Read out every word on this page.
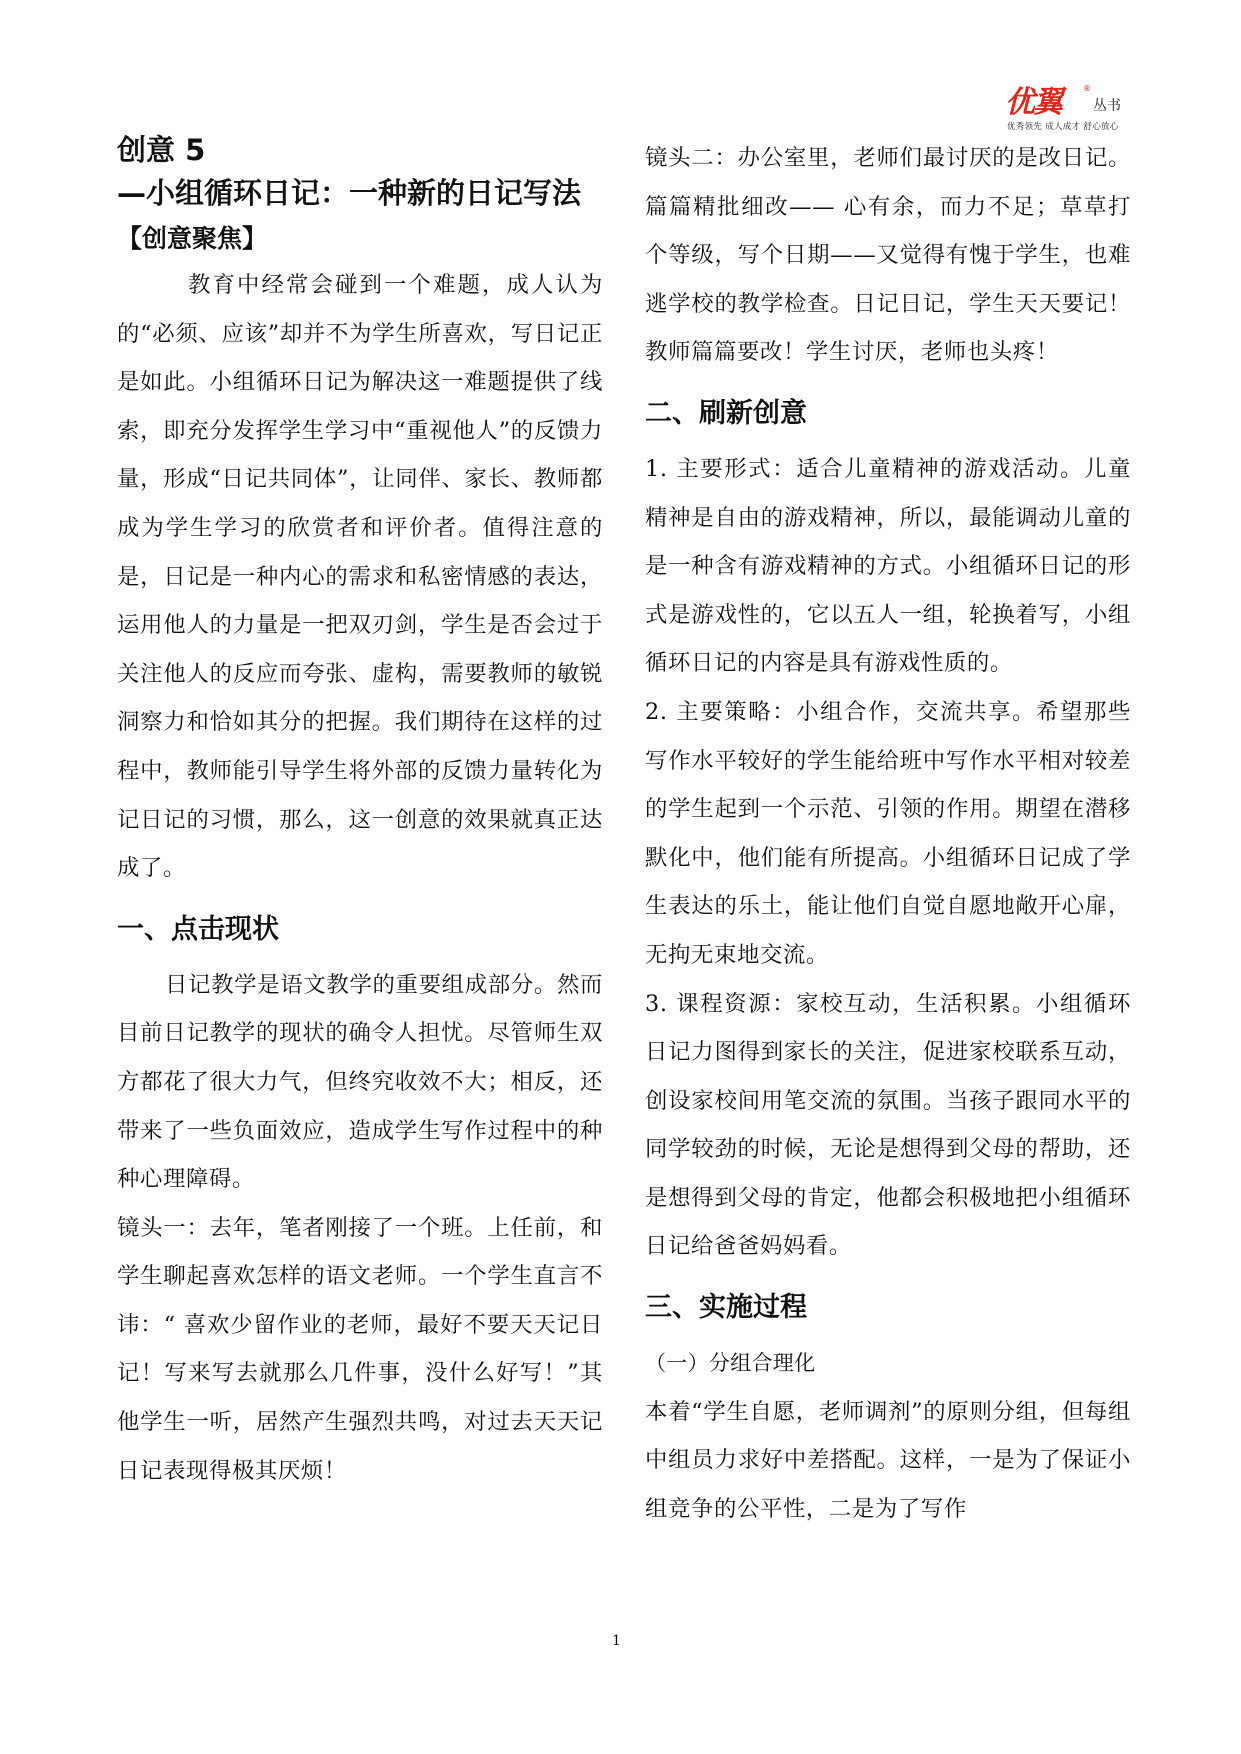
优翼	®
丛书
优秀领先 成人成才 舒心放心
创意 5
—小组循环日记：一种新的日记写法
【创意聚焦】

教育中经常会碰到一个难题，成人认为的“必须、应该”却并不为学生所喜欢，写日记正是如此。小组循环日记为解决这一难题提供了线索，即充分发挥学生学习中“重视他人”的反馈力量，形成“日记共同体”，让同伴、家长、教师都成为学生学习的欣赏者和评价者。值得注意的是，日记是一种内心的需求和私密情感的表达，运用他人的力量是一把双刃剑，学生是否会过于关注他人的反应而夸张、虚构，需要教师的敏锐洞察力和恰如其分的把握。我们期待在这样的过程中，教师能引导学生将外部的反馈力量转化为记日记的习惯，那么，这一创意的效果就真正达成了。

一、点击现状

日记教学是语文教学的重要组成部分。然而目前日记教学的现状的确令人担忧。尽管师生双方都花了很大力气，但终究收效不大；相反，还带来了一些负面效应，造成学生写作过程中的种种心理障碍。

镜头一：去年，笔者刚接了一个班。上任前，和学生聊起喜欢怎样的语文老师。一个学生直言不讳：“ 喜欢少留作业的老师，最好不要天天记日记！写来写去就那么几件事，没什么好写！”其他学生一听，居然产生强烈共鸣，对过去天天记日记表现得极其厌烦！

镜头二：办公室里，老师们最讨厌的是改日记。篇篇精批细改—— 心有余，而力不足；草草打个等级，写个日期——又觉得有愧于学生，也难逃学校的教学检查。日记日记，学生天天要记！教师篇篇要改！学生讨厌，老师也头疼！

二、刷新创意

1. 主要形式：适合儿童精神的游戏活动。儿童精神是自由的游戏精神，所以，最能调动儿童的是一种含有游戏精神的方式。小组循环日记的形式是游戏性的，它以五人一组，轮换着写，小组循环日记的内容是具有游戏性质的。

2. 主要策略：小组合作，交流共享。希望那些写作水平较好的学生能给班中写作水平相对较差的学生起到一个示范、引领的作用。期望在潜移默化中，他们能有所提高。小组循环日记成了学生表达的乐土，能让他们自觉自愿地敞开心扉，无拘无束地交流。

3. 课程资源：家校互动，生活积累。小组循环日记力图得到家长的关注，促进家校联系互动，创设家校间用笔交流的氛围。当孩子跟同水平的同学较劲的时候，无论是想得到父母的帮助，还是想得到父母的肯定，他都会积极地把小组循环日记给爸爸妈妈看。

三、实施过程

（一）分组合理化

本着“学生自愿，老师调剂”的原则分组，但每组中组员力求好中差搭配。这样，一是为了保证小组竞争的公平性，二是为了写作

1
